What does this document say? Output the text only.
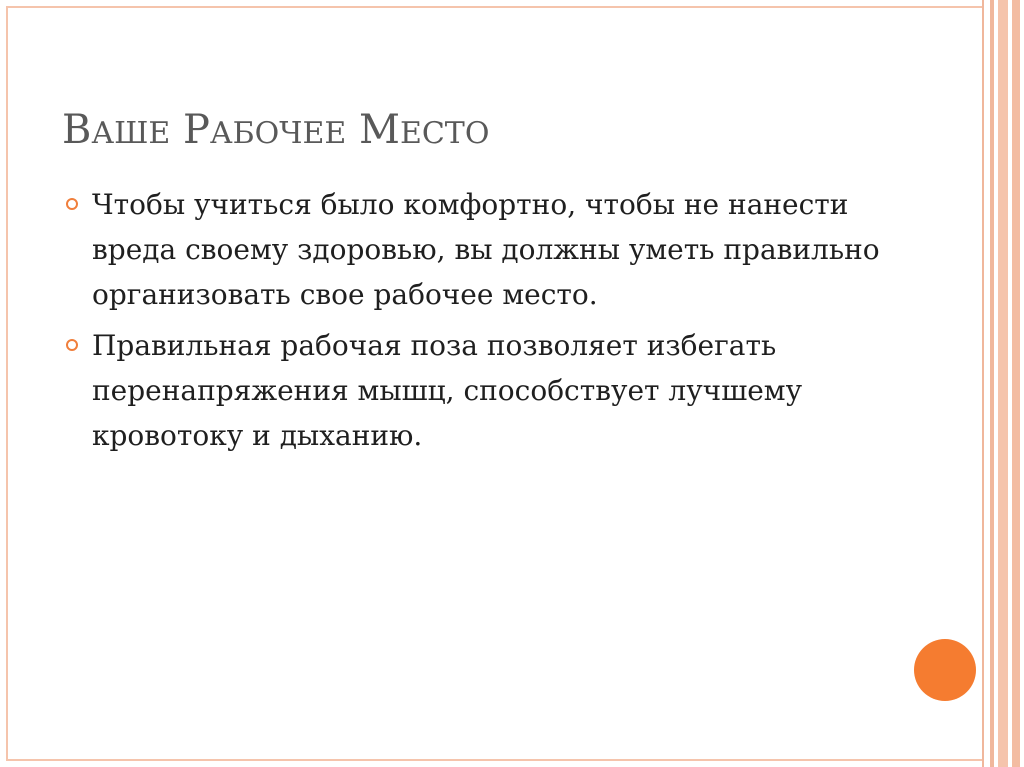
ВАШЕ РАБОЧЕЕ МЕСТО
Чтобы учиться было комфортно, чтобы не нанести вреда своему здоровью, вы должны уметь правильно организовать свое рабочее место.
Правильная рабочая поза позволяет избегать перенапряжения мышц, способствует лучшему кровотоку и дыханию.
